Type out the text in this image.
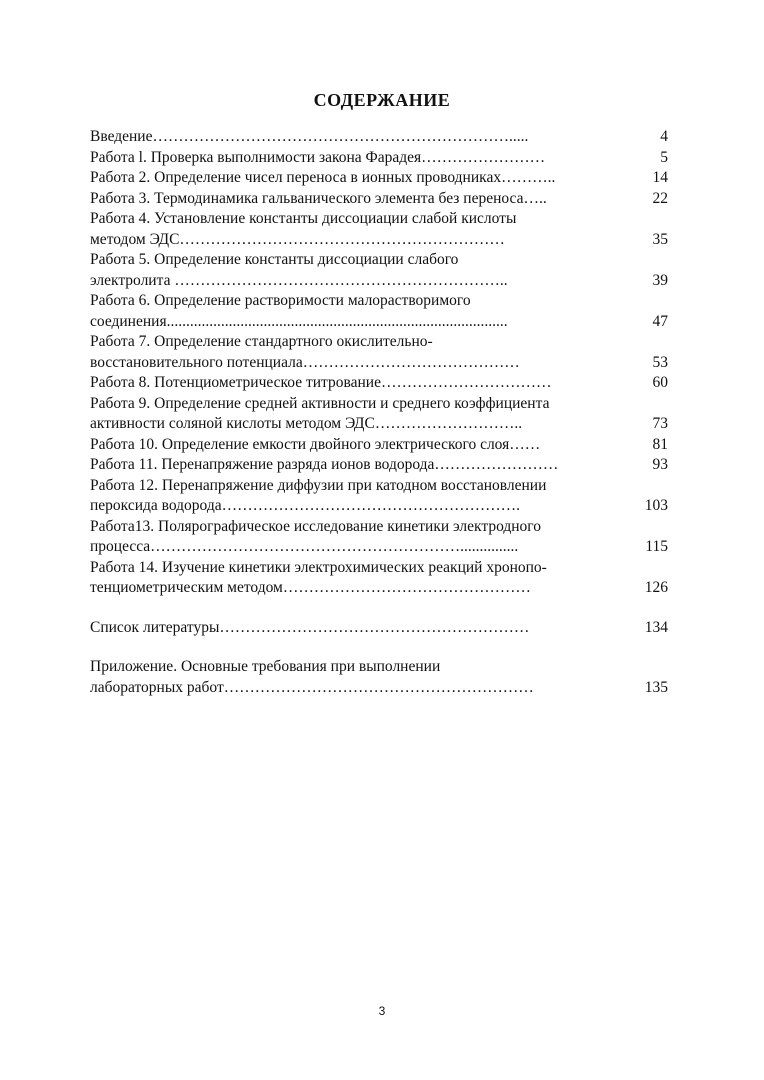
СОДЕРЖАНИЕ
Введение…………………………………………………………….....	4
Работа l. Проверка выполнимости закона Фарадея……………………	5
Работа 2. Определение чисел переноса в ионных проводниках………..	14
Работа 3. Термодинамика гальванического элемента без переноса…..	22
Работа 4. Установление константы диссоциации слабой кислоты
методом ЭДС………………………………………………………	35
Работа 5. Определение константы диссоциации слабого
электролита ………………………………………………………..	39
Работа 6. Определение растворимости малорастворимого
соединения........................................................................................	47
Работа 7. Определение стандартного окислительно-
восстановительного потенциала……………………………………	53
Работа 8. Потенциометрическое титрование……………………………	60
Работа 9. Определение средней активности и среднего коэффициента
активности соляной кислоты методом ЭДС………………………..	73
Работа 10. Определение емкости двойного электрического слоя……	81
Работа 11. Перенапряжение разряда ионов водорода……………………	93
Работа 12. Перенапряжение диффузии при катодном восстановлении
пероксида водорода………………………………………………….	103
Работа13. Полярографическое исследование кинетики электродного
процесса……………………………………………………...............	115
Работа 14. Изучение кинетики электрохимических реакций хронопо-
тенциометрическим методом…………………………………………	126
Список литературы……………………………………………………	134
Приложение. Основные требования при выполнении
лабораторных работ……………………………………………………	135
3
